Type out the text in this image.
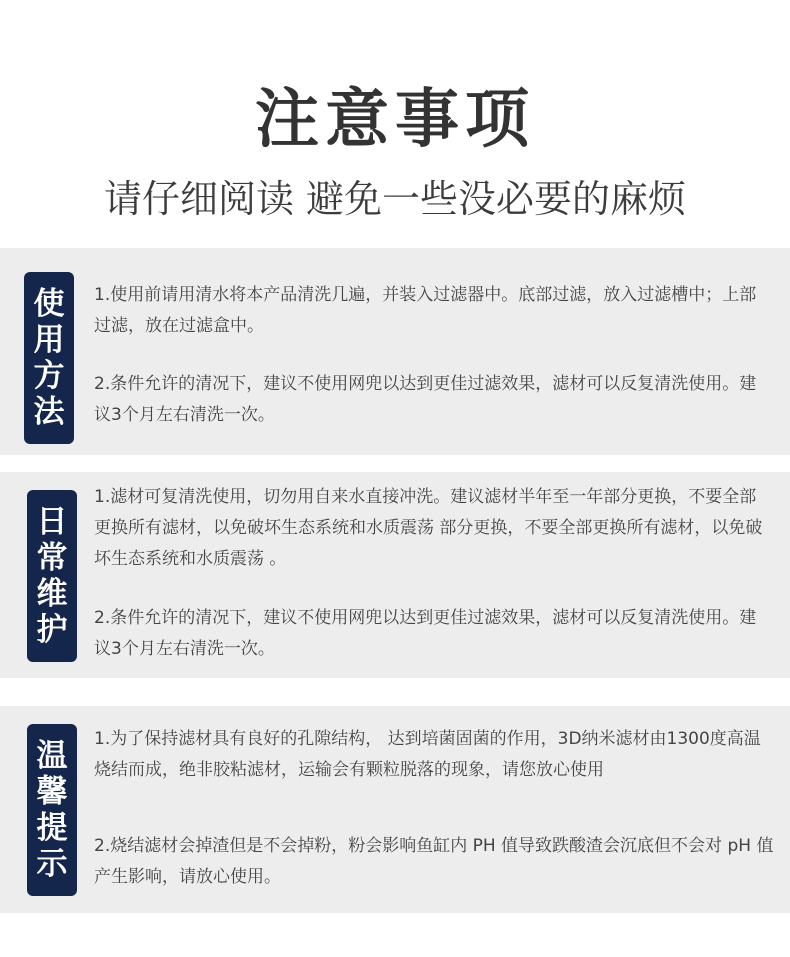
注意事项
请仔细阅读 避免一些没必要的麻烦
使
用
方
法
1.使用前请用清水将本产品清洗几遍，并装入过滤器中。底部过滤，放入过滤槽中；上部过滤，放在过滤盒中。
2.条件允许的清况下，建议不使用网兜以达到更佳过滤效果，滤材可以反复清洗使用。建议3个月左右清洗一次。
日
常
维
护
1.滤材可复清洗使用，切勿用自来水直接冲洗。建议滤材半年至一年部分更换，不要全部更换所有滤材，以免破坏生态系统和水质震荡 部分更换，不要全部更换所有滤材，以免破坏生态系统和水质震荡 。
2.条件允许的清况下，建议不使用网兜以达到更佳过滤效果，滤材可以反复清洗使用。建议3个月左右清洗一次。
温
馨
提
示
1.为了保持滤材具有良好的孔隙结构， 达到培菌固菌的作用，3D纳米滤材由1300度高温烧结而成，绝非胶粘滤材，运输会有颗粒脱落的现象，请您放心使用
2.烧结滤材会掉渣但是不会掉粉，粉会影响鱼缸内 PH 值导致跌酸渣会沉底但不会对 pH 值产生影响，请放心使用。
